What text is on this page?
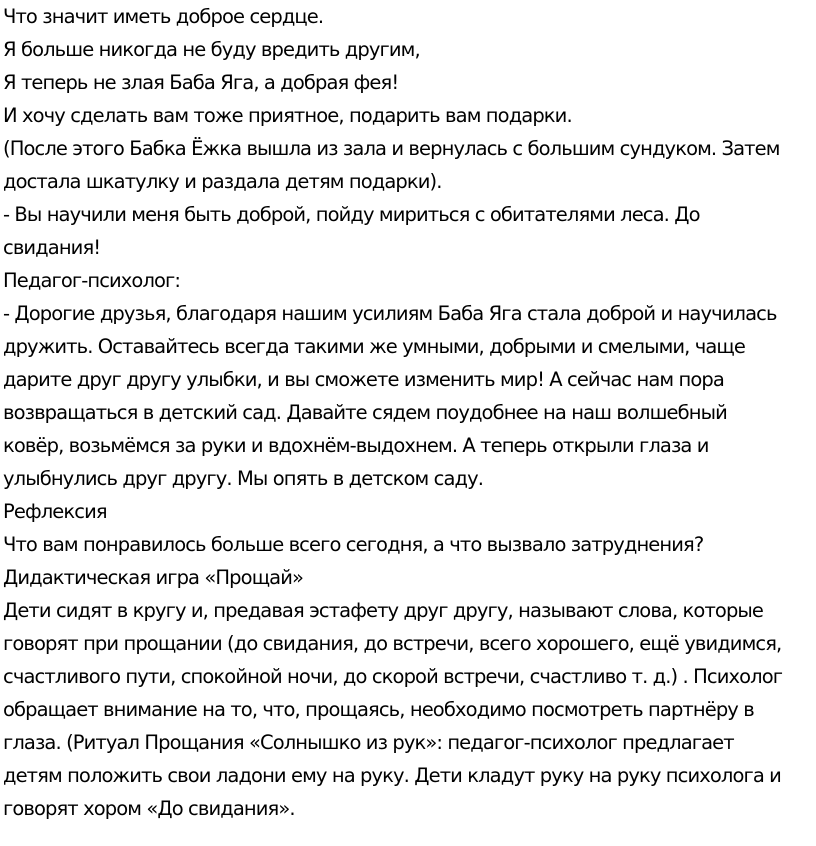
Что значит иметь доброе сердце.
Я больше никогда не буду вредить другим,
Я теперь не злая Баба Яга, а добрая фея!
И хочу сделать вам тоже приятное, подарить вам подарки.
(После этого Бабка Ёжка вышла из зала и вернулась с большим сундуком. Затем
достала шкатулку и раздала детям подарки).
- Вы научили меня быть доброй, пойду мириться с обитателями леса. До
свидания!
Педагог-психолог:
- Дорогие друзья, благодаря нашим усилиям Баба Яга стала доброй и научилась
дружить. Оставайтесь всегда такими же умными, добрыми и смелыми, чаще
дарите друг другу улыбки, и вы сможете изменить мир! А сейчас нам пора
возвращаться в детский сад. Давайте сядем поудобнее на наш волшебный
ковёр, возьмёмся за руки и вдохнём-выдохнем. А теперь открыли глаза и
улыбнулись друг другу. Мы опять в детском саду.
Рефлексия
Что вам понравилось больше всего сегодня, а что вызвало затруднения?
Дидактическая игра «Прощай»
Дети сидят в кругу и, предавая эстафету друг другу, называют слова, которые
говорят при прощании (до свидания, до встречи, всего хорошего, ещё увидимся,
счастливого пути, спокойной ночи, до скорой встречи, счастливо т. д.) . Психолог
обращает внимание на то, что, прощаясь, необходимо посмотреть партнёру в
глаза. (Ритуал Прощания «Солнышко из рук»: педагог-психолог предлагает
детям положить свои ладони ему на руку. Дети кладут руку на руку психолога и
говорят хором «До свидания».
